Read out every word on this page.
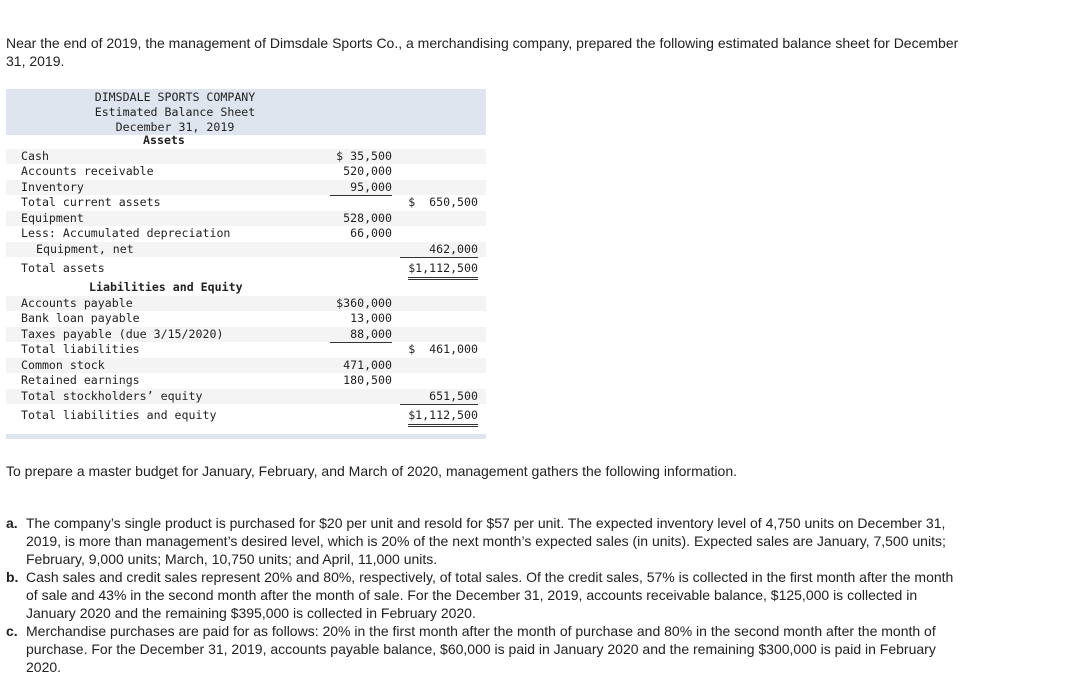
Near the end of 2019, the management of Dimsdale Sports Co., a merchandising company, prepared the following estimated balance sheet for December 31, 2019.
DIMSDALE SPORTS COMPANY
Estimated Balance Sheet
December 31, 2019
Assets
Cash	$ 35,500
Accounts receivable	520,000
Inventory	95,000
Total current assets	$  650,500
Equipment	528,000
Less: Accumulated depreciation	66,000
Equipment, net	462,000
Total assets	$1,112,500
Liabilities and Equity
Accounts payable	$360,000
Bank loan payable	13,000
Taxes payable (due 3/15/2020)	88,000
Total liabilities	$  461,000
Common stock	471,000
Retained earnings	180,500
Total stockholders’ equity	651,500
Total liabilities and equity	$1,112,500
To prepare a master budget for January, February, and March of 2020, management gathers the following information.
a. The company’s single product is purchased for $20 per unit and resold for $57 per unit. The expected inventory level of 4,750 units on December 31, 2019, is more than management’s desired level, which is 20% of the next month’s expected sales (in units). Expected sales are January, 7,500 units; February, 9,000 units; March, 10,750 units; and April, 11,000 units.
b. Cash sales and credit sales represent 20% and 80%, respectively, of total sales. Of the credit sales, 57% is collected in the first month after the month of sale and 43% in the second month after the month of sale. For the December 31, 2019, accounts receivable balance, $125,000 is collected in January 2020 and the remaining $395,000 is collected in February 2020.
c. Merchandise purchases are paid for as follows: 20% in the first month after the month of purchase and 80% in the second month after the month of purchase. For the December 31, 2019, accounts payable balance, $60,000 is paid in January 2020 and the remaining $300,000 is paid in February 2020.
